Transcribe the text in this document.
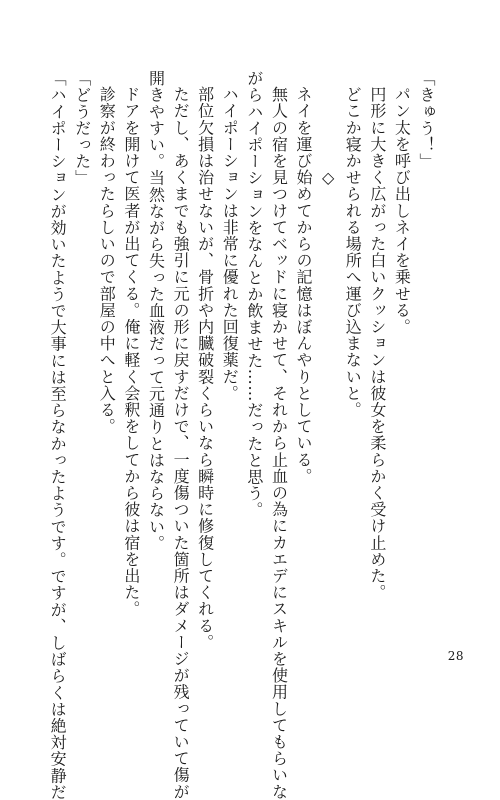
「きゅう！」
パン太を呼び出しネイを乗せる。
円形に大きく広がった白いクッションは彼女を柔らかく受け止めた。
どこか寝かせられる場所へ運び込まないと。
◇
ネイを運び始めてからの記憶はぼんやりとしている。
無人の宿を見つけてベッドに寝かせて、それから止血の為にカエデにスキルを使用してもらいな
がらハイポーションをなんとか飲ませた……だったと思う。
ハイポーションは非常に優れた回復薬だ。
部位欠損は治せないが、骨折や内臓破裂くらいなら瞬時に修復してくれる。
ただし、あくまでも強引に元の形に戻すだけで、一度傷ついた箇所はダメージが残っていて傷が
開きやすい。当然ながら失った血液だって元通りとはならない。
ドアを開けて医者が出てくる。俺に軽く会釈をしてから彼は宿を出た。
診察が終わったらしいので部屋の中へと入る。
「どうだった」
「ハイポーションが効いたようで大事には至らなかったようです。ですが、しばらくは絶対安静だ	28
